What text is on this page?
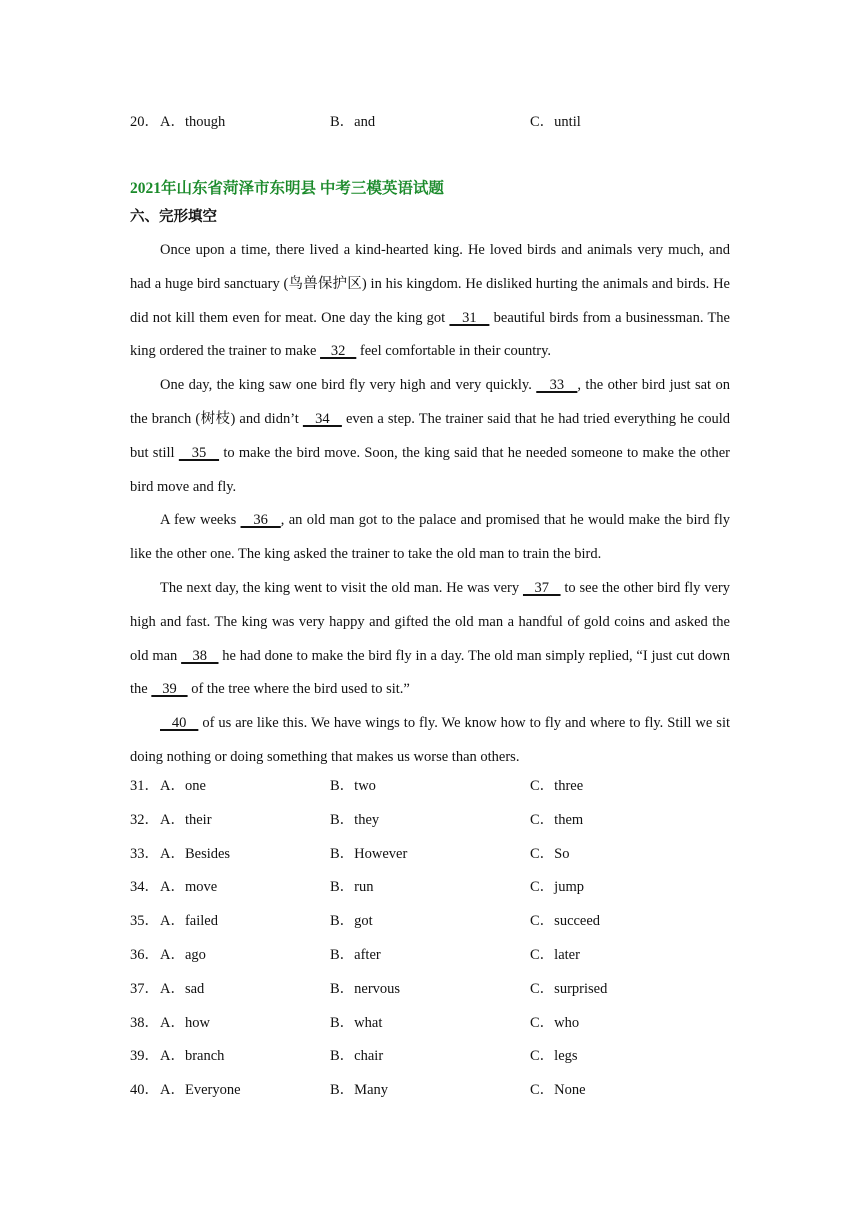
20． A．though	B．and	C．until
2021年山东省菏泽市东明县 中考三模英语试题
六、完形填空

Once upon a time, there lived a kind-hearted king. He loved birds and animals very much, and had a huge bird sanctuary (鸟兽保护区) in his kingdom. He disliked hurting the animals and birds. He did not kill them even for meat. One day the king got    31    beautiful birds from a businessman. The king ordered the trainer to make    32    feel comfortable in their country.

One day, the king saw one bird fly very high and very quickly.    33   , the other bird just sat on the branch (树枝) and didn’t    34    even a step. The trainer said that he had tried everything he could but still    35    to make the bird move. Soon, the king said that he needed someone to make the other bird move and fly.

A few weeks    36   , an old man got to the palace and promised that he would make the bird fly like the other one. The king asked the trainer to take the old man to train the bird.

The next day, the king went to visit the old man. He was very    37    to see the other bird fly very high and fast. The king was very happy and gifted the old man a handful of gold coins and asked the old man    38    he had done to make the bird fly in a day. The old man simply replied, “I just cut down the    39    of the tree where the bird used to sit.”

40    of us are like this. We have wings to fly. We know how to fly and where to fly. Still we sit doing nothing or doing something that makes us worse than others.

31． A．one	B．two	C．three
32． A．their	B．they	C．them
33． A．Besides	B．However	C．So
34． A．move	B．run	C．jump
35． A．failed	B．got	C．succeed
36． A．ago	B．after	C．later
37． A．sad	B．nervous	C．surprised
38． A．how	B．what	C．who
39． A．branch	B．chair	C．legs
40． A．Everyone	B．Many	C．None
